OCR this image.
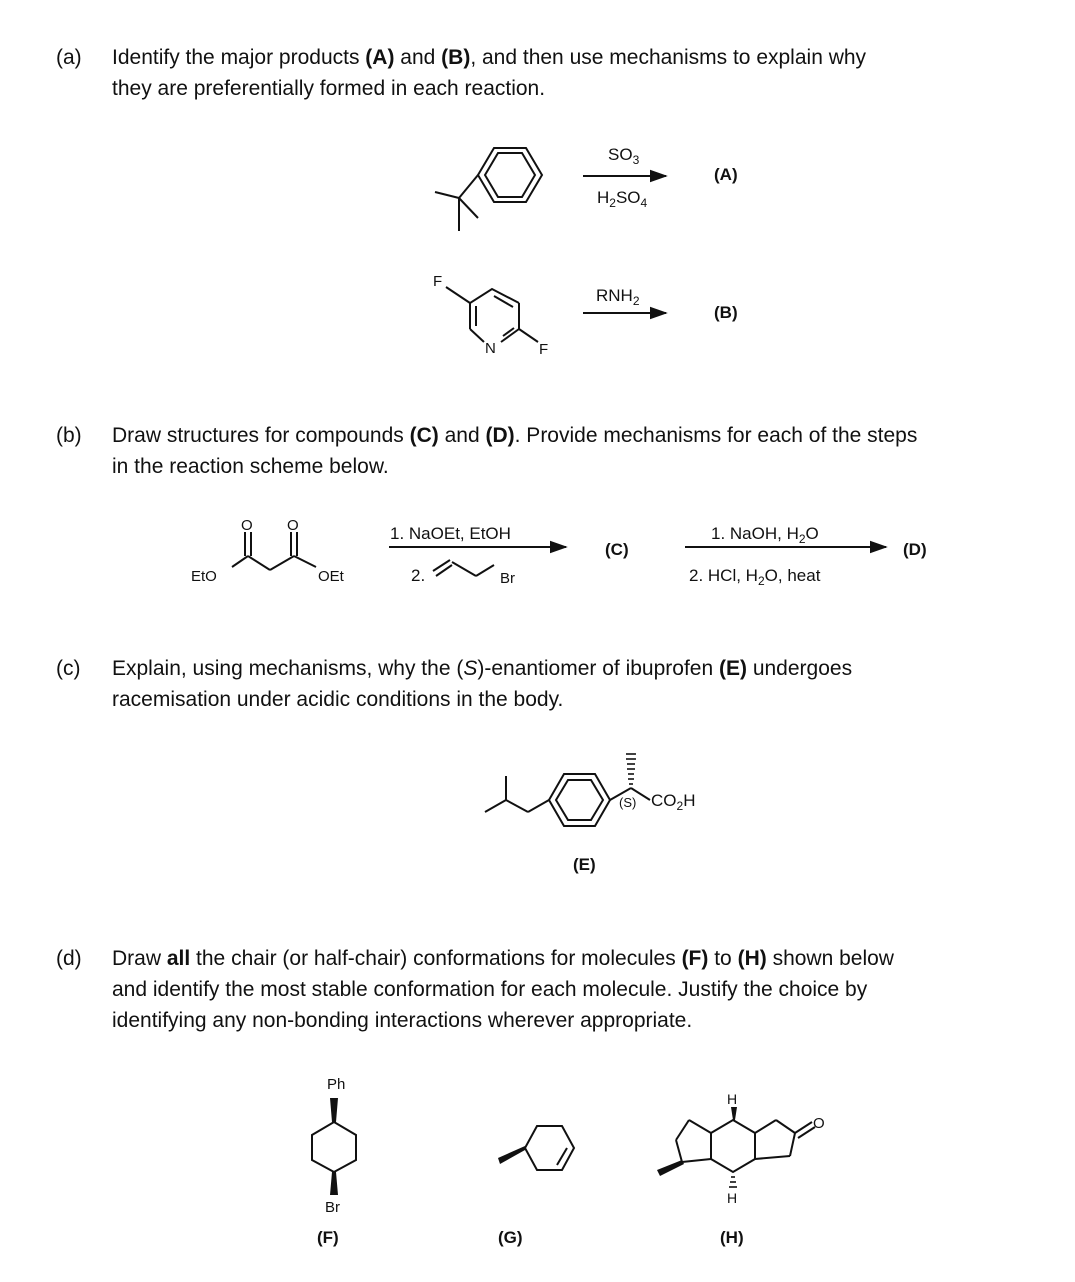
(a) Identify the major products (A) and (B), and then use mechanisms to explain why
they are preferentially formed in each reaction.
(b) Draw structures for compounds (C) and (D). Provide mechanisms for each of the steps
in the reaction scheme below.
(c) Explain, using mechanisms, why the (S)-enantiomer of ibuprofen (E) undergoes
racemisation under acidic conditions in the body.
(d) Draw all the chair (or half-chair) conformations for molecules (F) to (H) shown below
and identify the most stable conformation for each molecule. Justify the choice by
identifying any non-bonding interactions wherever appropriate.
$SO_3$
$H_2SO_4$
(A)
F
N	F
$RNH_2$
(B)
O O
EtO	OEt
1. NaOEt, EtOH
2.	Br
(C)
1. NaOH, $H_2O$
2. HCl, $H_2O$, heat
(D)
(S) $CO_2H$
(E)
Ph
Br
(F)	(G)
O
H
H
(H)
